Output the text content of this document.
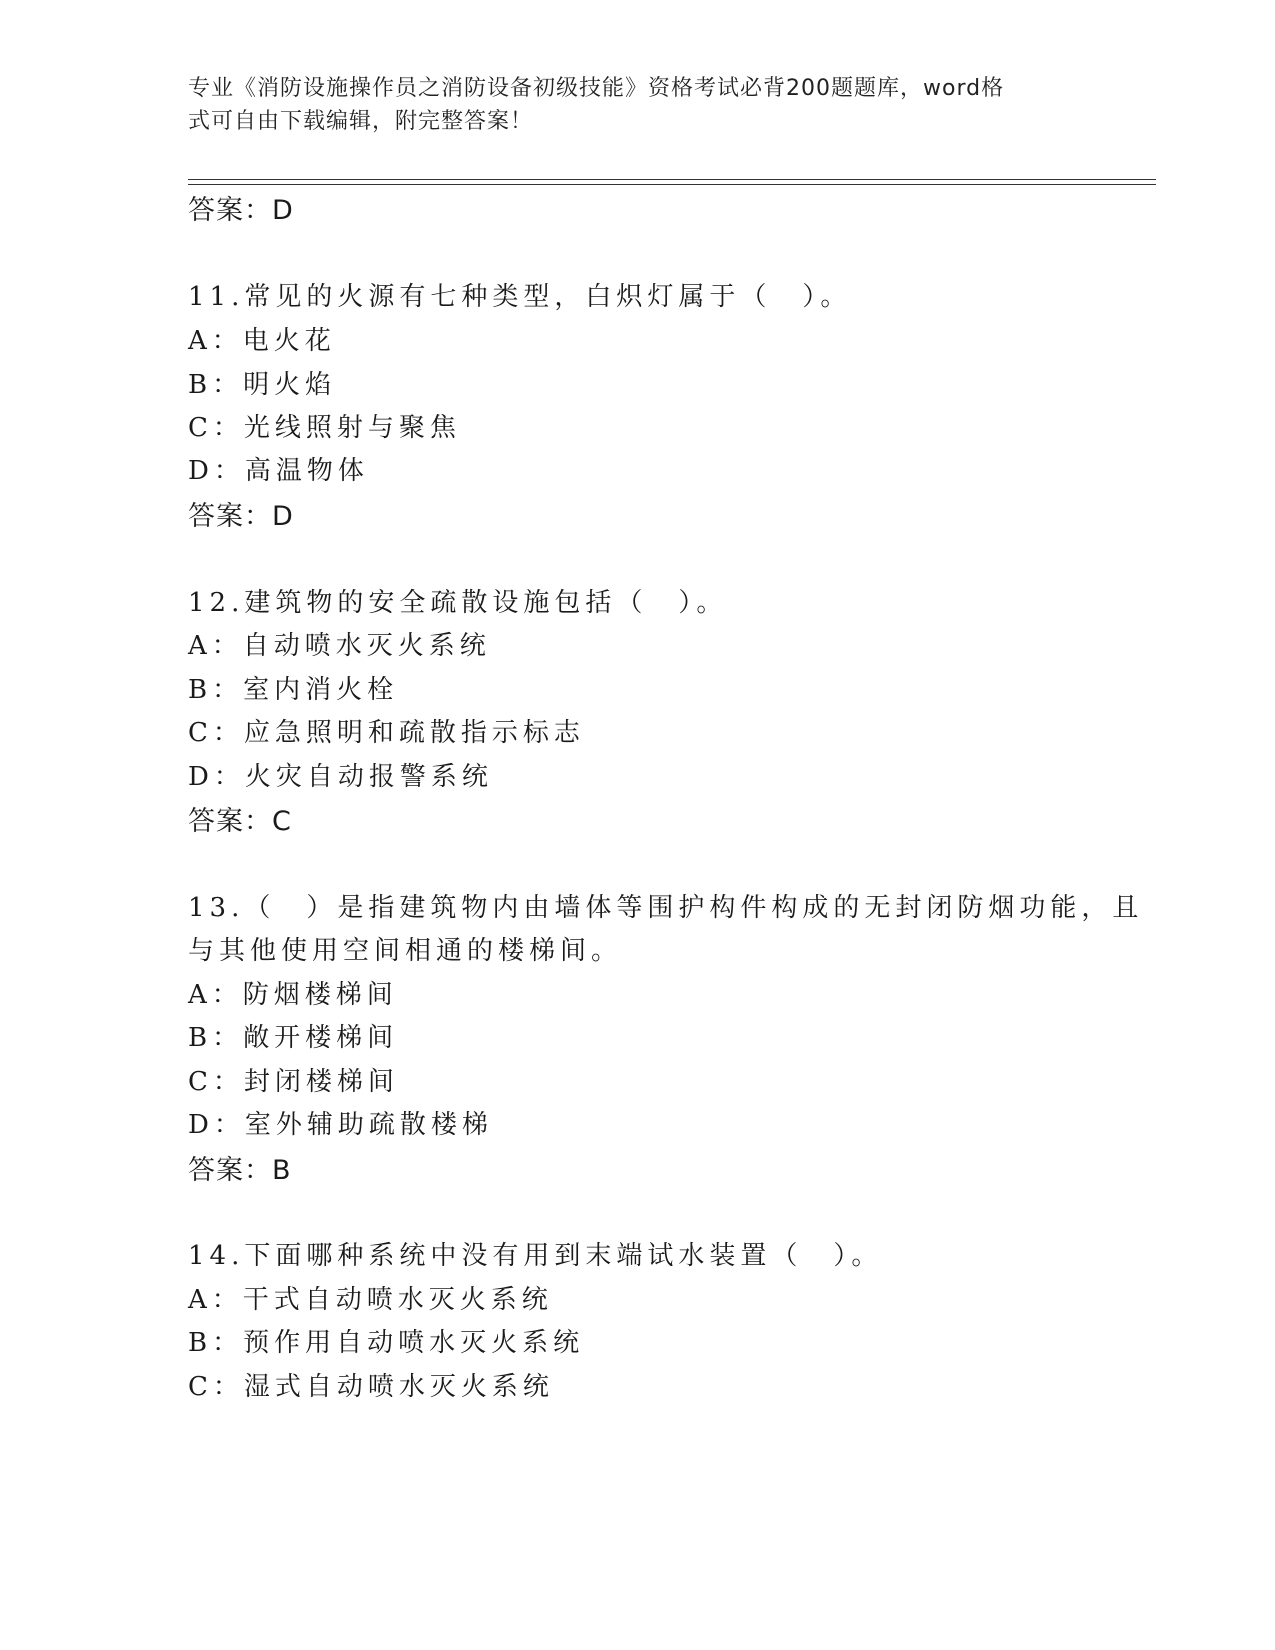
专业《消防设施操作员之消防设备初级技能》资格考试必背200题题库，word格
式可自由下载编辑，附完整答案！
答案：D
11.常见的火源有七种类型，白炽灯属于（　）。
A：电火花
B：明火焰
C：光线照射与聚焦
D：高温物体
答案：D
12.建筑物的安全疏散设施包括（　）。
A：自动喷水灭火系统
B：室内消火栓
C：应急照明和疏散指示标志
D：火灾自动报警系统
答案：C
13.（　）是指建筑物内由墙体等围护构件构成的无封闭防烟功能，且
与其他使用空间相通的楼梯间。
A：防烟楼梯间
B：敞开楼梯间
C：封闭楼梯间
D：室外辅助疏散楼梯
答案：B
14.下面哪种系统中没有用到末端试水装置（　）。
A：干式自动喷水灭火系统
B：预作用自动喷水灭火系统
C：湿式自动喷水灭火系统
